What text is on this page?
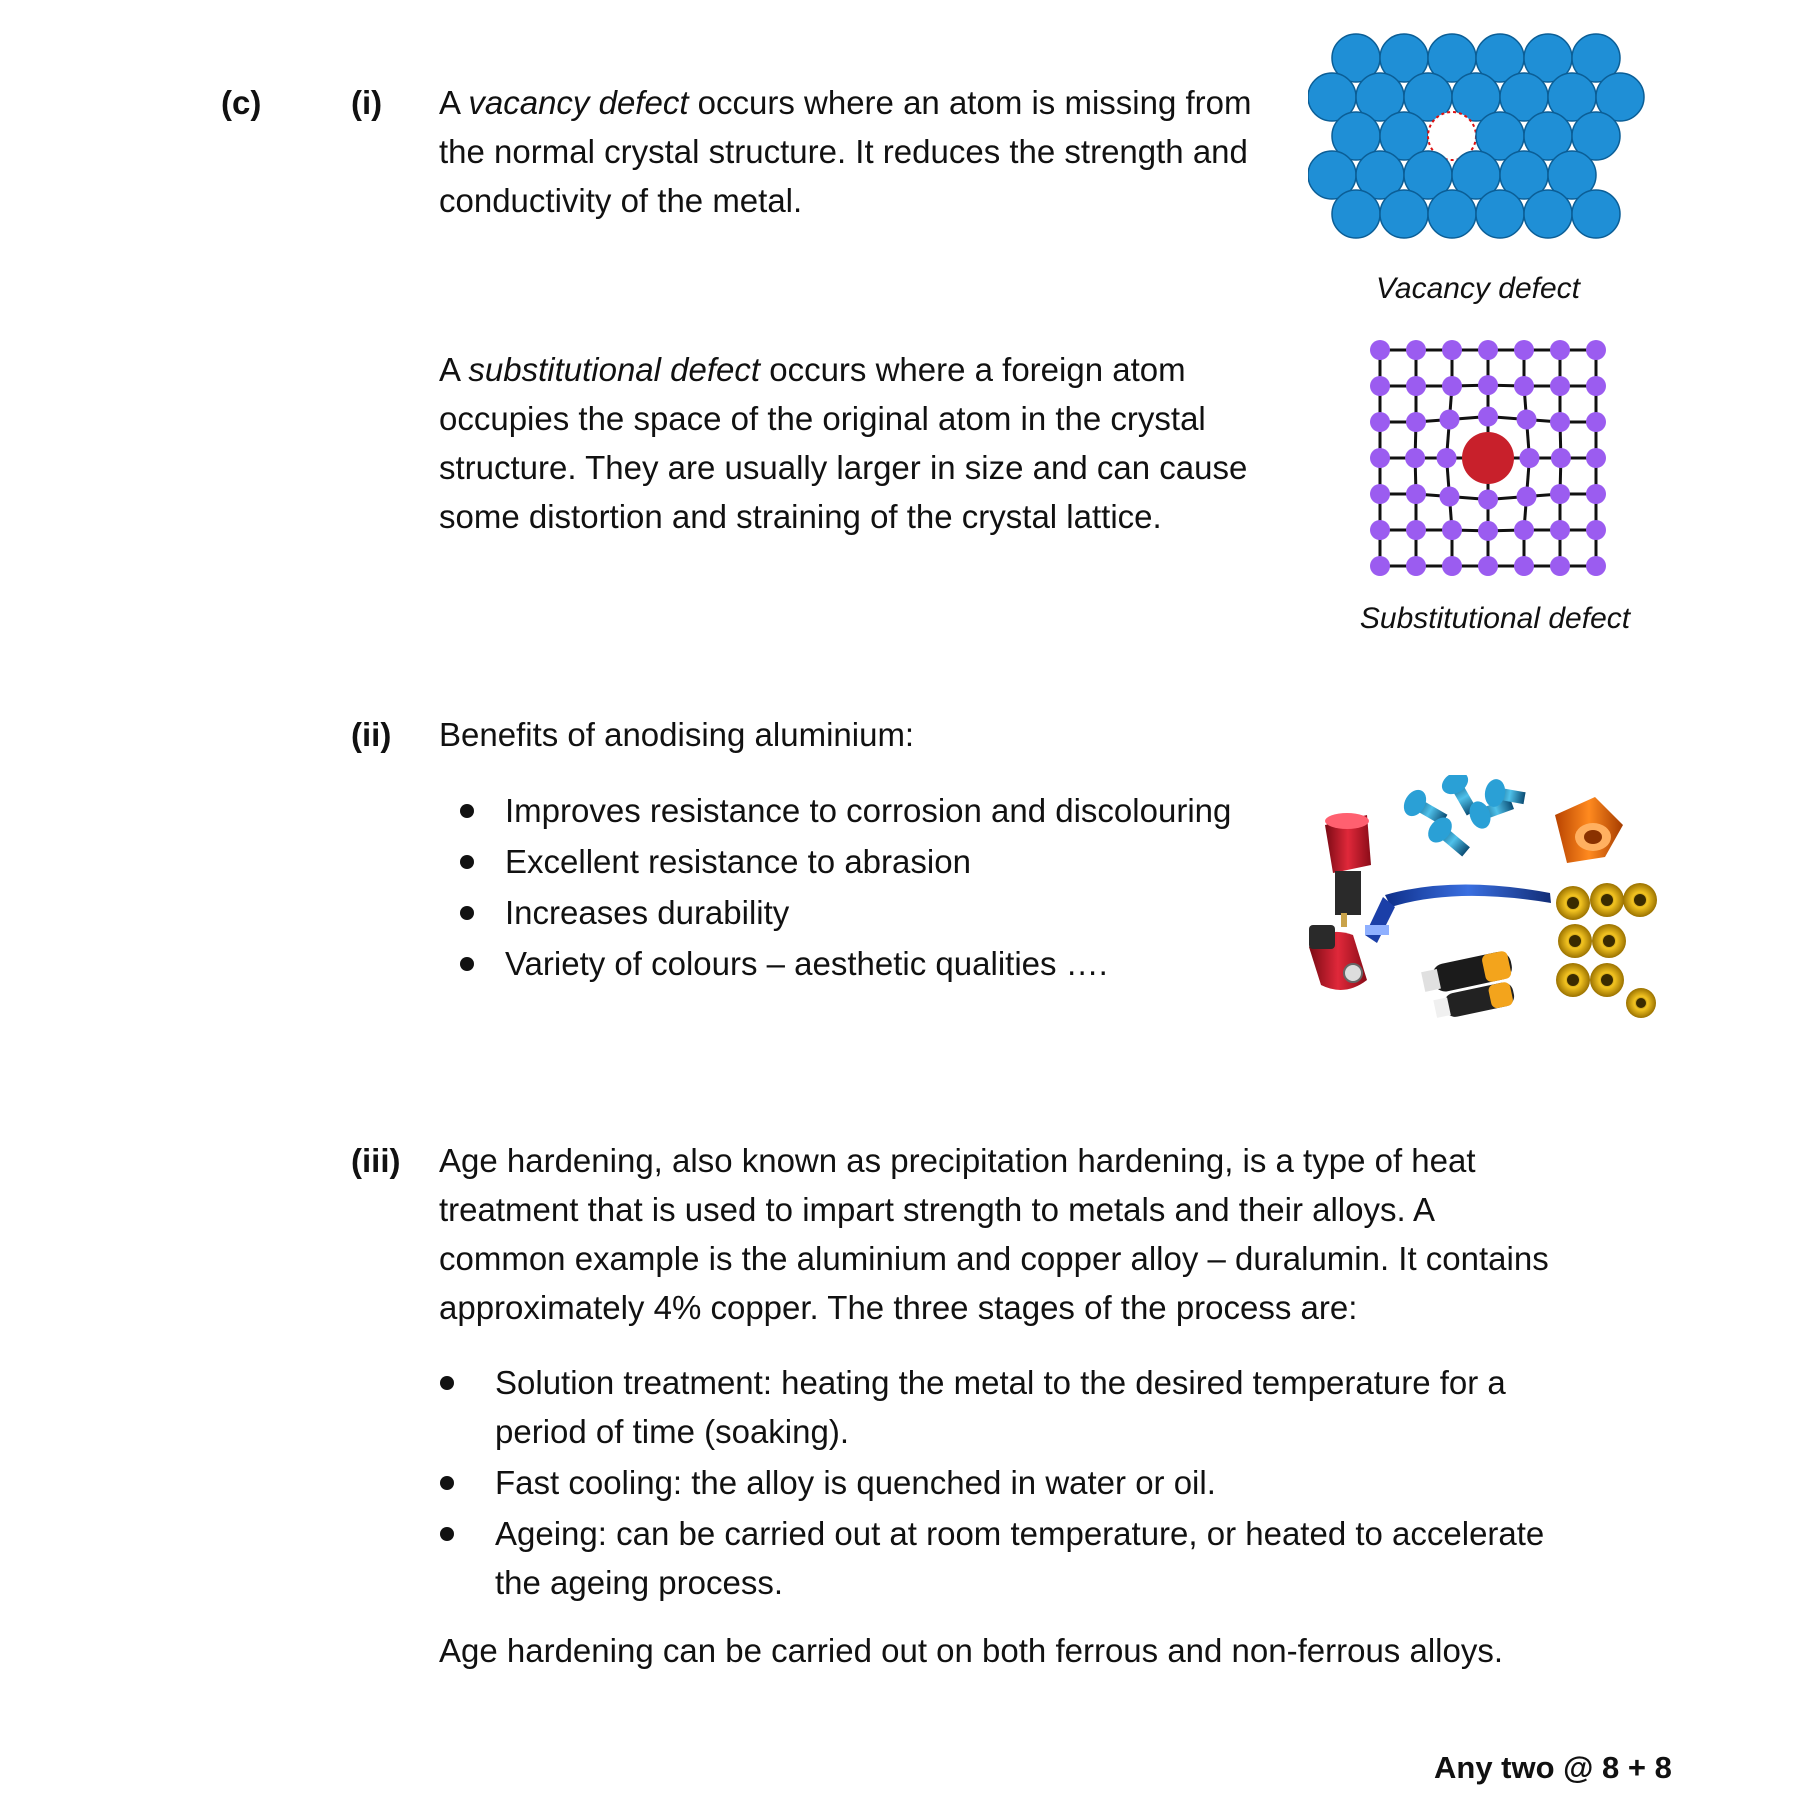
(c)	(i) A vacancy defect occurs where an atom is missing from
the normal crystal structure. It reduces the strength and
conductivity of the metal.
Vacancy defect
A substitutional defect occurs where a foreign atom
occupies the space of the original atom in the crystal
structure. They are usually larger in size and can cause
some distortion and straining of the crystal lattice.
Substitutional defect
(ii) Benefits of anodising aluminium:
Improves resistance to corrosion and discolouring
Excellent resistance to abrasion
Increases durability
Variety of colours – aesthetic qualities ….
(iii) Age hardening, also known as precipitation hardening, is a type of heat
treatment that is used to impart strength to metals and their alloys. A
common example is the aluminium and copper alloy – duralumin. It contains
approximately 4% copper. The three stages of the process are:
Solution treatment: heating the metal to the desired temperature for a
period of time (soaking).
Fast cooling: the alloy is quenched in water or oil.
Ageing: can be carried out at room temperature, or heated to accelerate
the ageing process.
Age hardening can be carried out on both ferrous and non-ferrous alloys.
Any two @ 8 + 8
